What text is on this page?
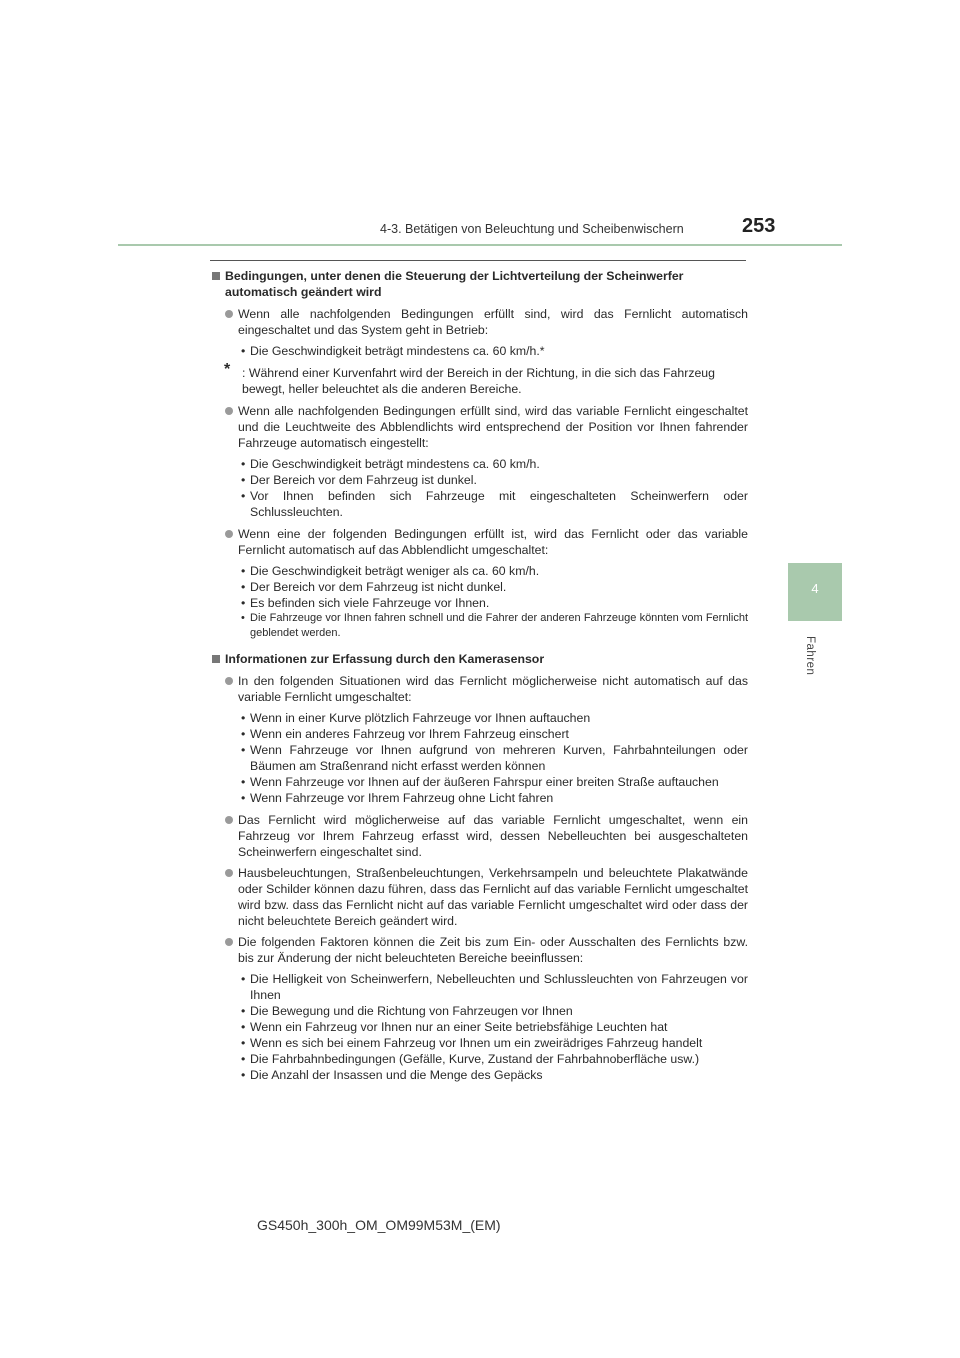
4-3. Betätigen von Beleuchtung und Scheibenwischern	253
4
Fahren
Bedingungen, unter denen die Steuerung der Lichtverteilung der Scheinwerfer automatisch geändert wird
Wenn alle nachfolgenden Bedingungen erfüllt sind, wird das Fernlicht automatisch eingeschaltet und das System geht in Betrieb:
• Die Geschwindigkeit beträgt mindestens ca. 60 km/h.*
* : Während einer Kurvenfahrt wird der Bereich in der Richtung, in die sich das Fahrzeug bewegt, heller beleuchtet als die anderen Bereiche.
Wenn alle nachfolgenden Bedingungen erfüllt sind, wird das variable Fernlicht eingeschaltet und die Leuchtweite des Abblendlichts wird entsprechend der Position vor Ihnen fahrender Fahrzeuge automatisch eingestellt:
• Die Geschwindigkeit beträgt mindestens ca. 60 km/h.
• Der Bereich vor dem Fahrzeug ist dunkel.
• Vor Ihnen befinden sich Fahrzeuge mit eingeschalteten Scheinwerfern oder Schlussleuchten.
Wenn eine der folgenden Bedingungen erfüllt ist, wird das Fernlicht oder das variable Fernlicht automatisch auf das Abblendlicht umgeschaltet:
• Die Geschwindigkeit beträgt weniger als ca. 60 km/h.
• Der Bereich vor dem Fahrzeug ist nicht dunkel.
• Es befinden sich viele Fahrzeuge vor Ihnen.
• Die Fahrzeuge vor Ihnen fahren schnell und die Fahrer der anderen Fahrzeuge könnten vom Fernlicht geblendet werden.
Informationen zur Erfassung durch den Kamerasensor
In den folgenden Situationen wird das Fernlicht möglicherweise nicht automatisch auf das variable Fernlicht umgeschaltet:
• Wenn in einer Kurve plötzlich Fahrzeuge vor Ihnen auftauchen
• Wenn ein anderes Fahrzeug vor Ihrem Fahrzeug einschert
• Wenn Fahrzeuge vor Ihnen aufgrund von mehreren Kurven, Fahrbahnteilungen oder Bäumen am Straßenrand nicht erfasst werden können
• Wenn Fahrzeuge vor Ihnen auf der äußeren Fahrspur einer breiten Straße auftauchen
• Wenn Fahrzeuge vor Ihrem Fahrzeug ohne Licht fahren
Das Fernlicht wird möglicherweise auf das variable Fernlicht umgeschaltet, wenn ein Fahrzeug vor Ihrem Fahrzeug erfasst wird, dessen Nebelleuchten bei ausgeschalteten Scheinwerfern eingeschaltet sind.
Hausbeleuchtungen, Straßenbeleuchtungen, Verkehrsampeln und beleuchtete Plakatwände oder Schilder können dazu führen, dass das Fernlicht auf das variable Fernlicht umgeschaltet wird bzw. dass das Fernlicht nicht auf das variable Fernlicht umgeschaltet wird oder dass der nicht beleuchtete Bereich geändert wird.
Die folgenden Faktoren können die Zeit bis zum Ein- oder Ausschalten des Fernlichts bzw. bis zur Änderung der nicht beleuchteten Bereiche beeinflussen:
• Die Helligkeit von Scheinwerfern, Nebelleuchten und Schlussleuchten von Fahrzeugen vor Ihnen
• Die Bewegung und die Richtung von Fahrzeugen vor Ihnen
• Wenn ein Fahrzeug vor Ihnen nur an einer Seite betriebsfähige Leuchten hat
• Wenn es sich bei einem Fahrzeug vor Ihnen um ein zweirädriges Fahrzeug handelt
• Die Fahrbahnbedingungen (Gefälle, Kurve, Zustand der Fahrbahnoberfläche usw.)
• Die Anzahl der Insassen und die Menge des Gepäcks
GS450h_300h_OM_OM99M53M_(EM)
